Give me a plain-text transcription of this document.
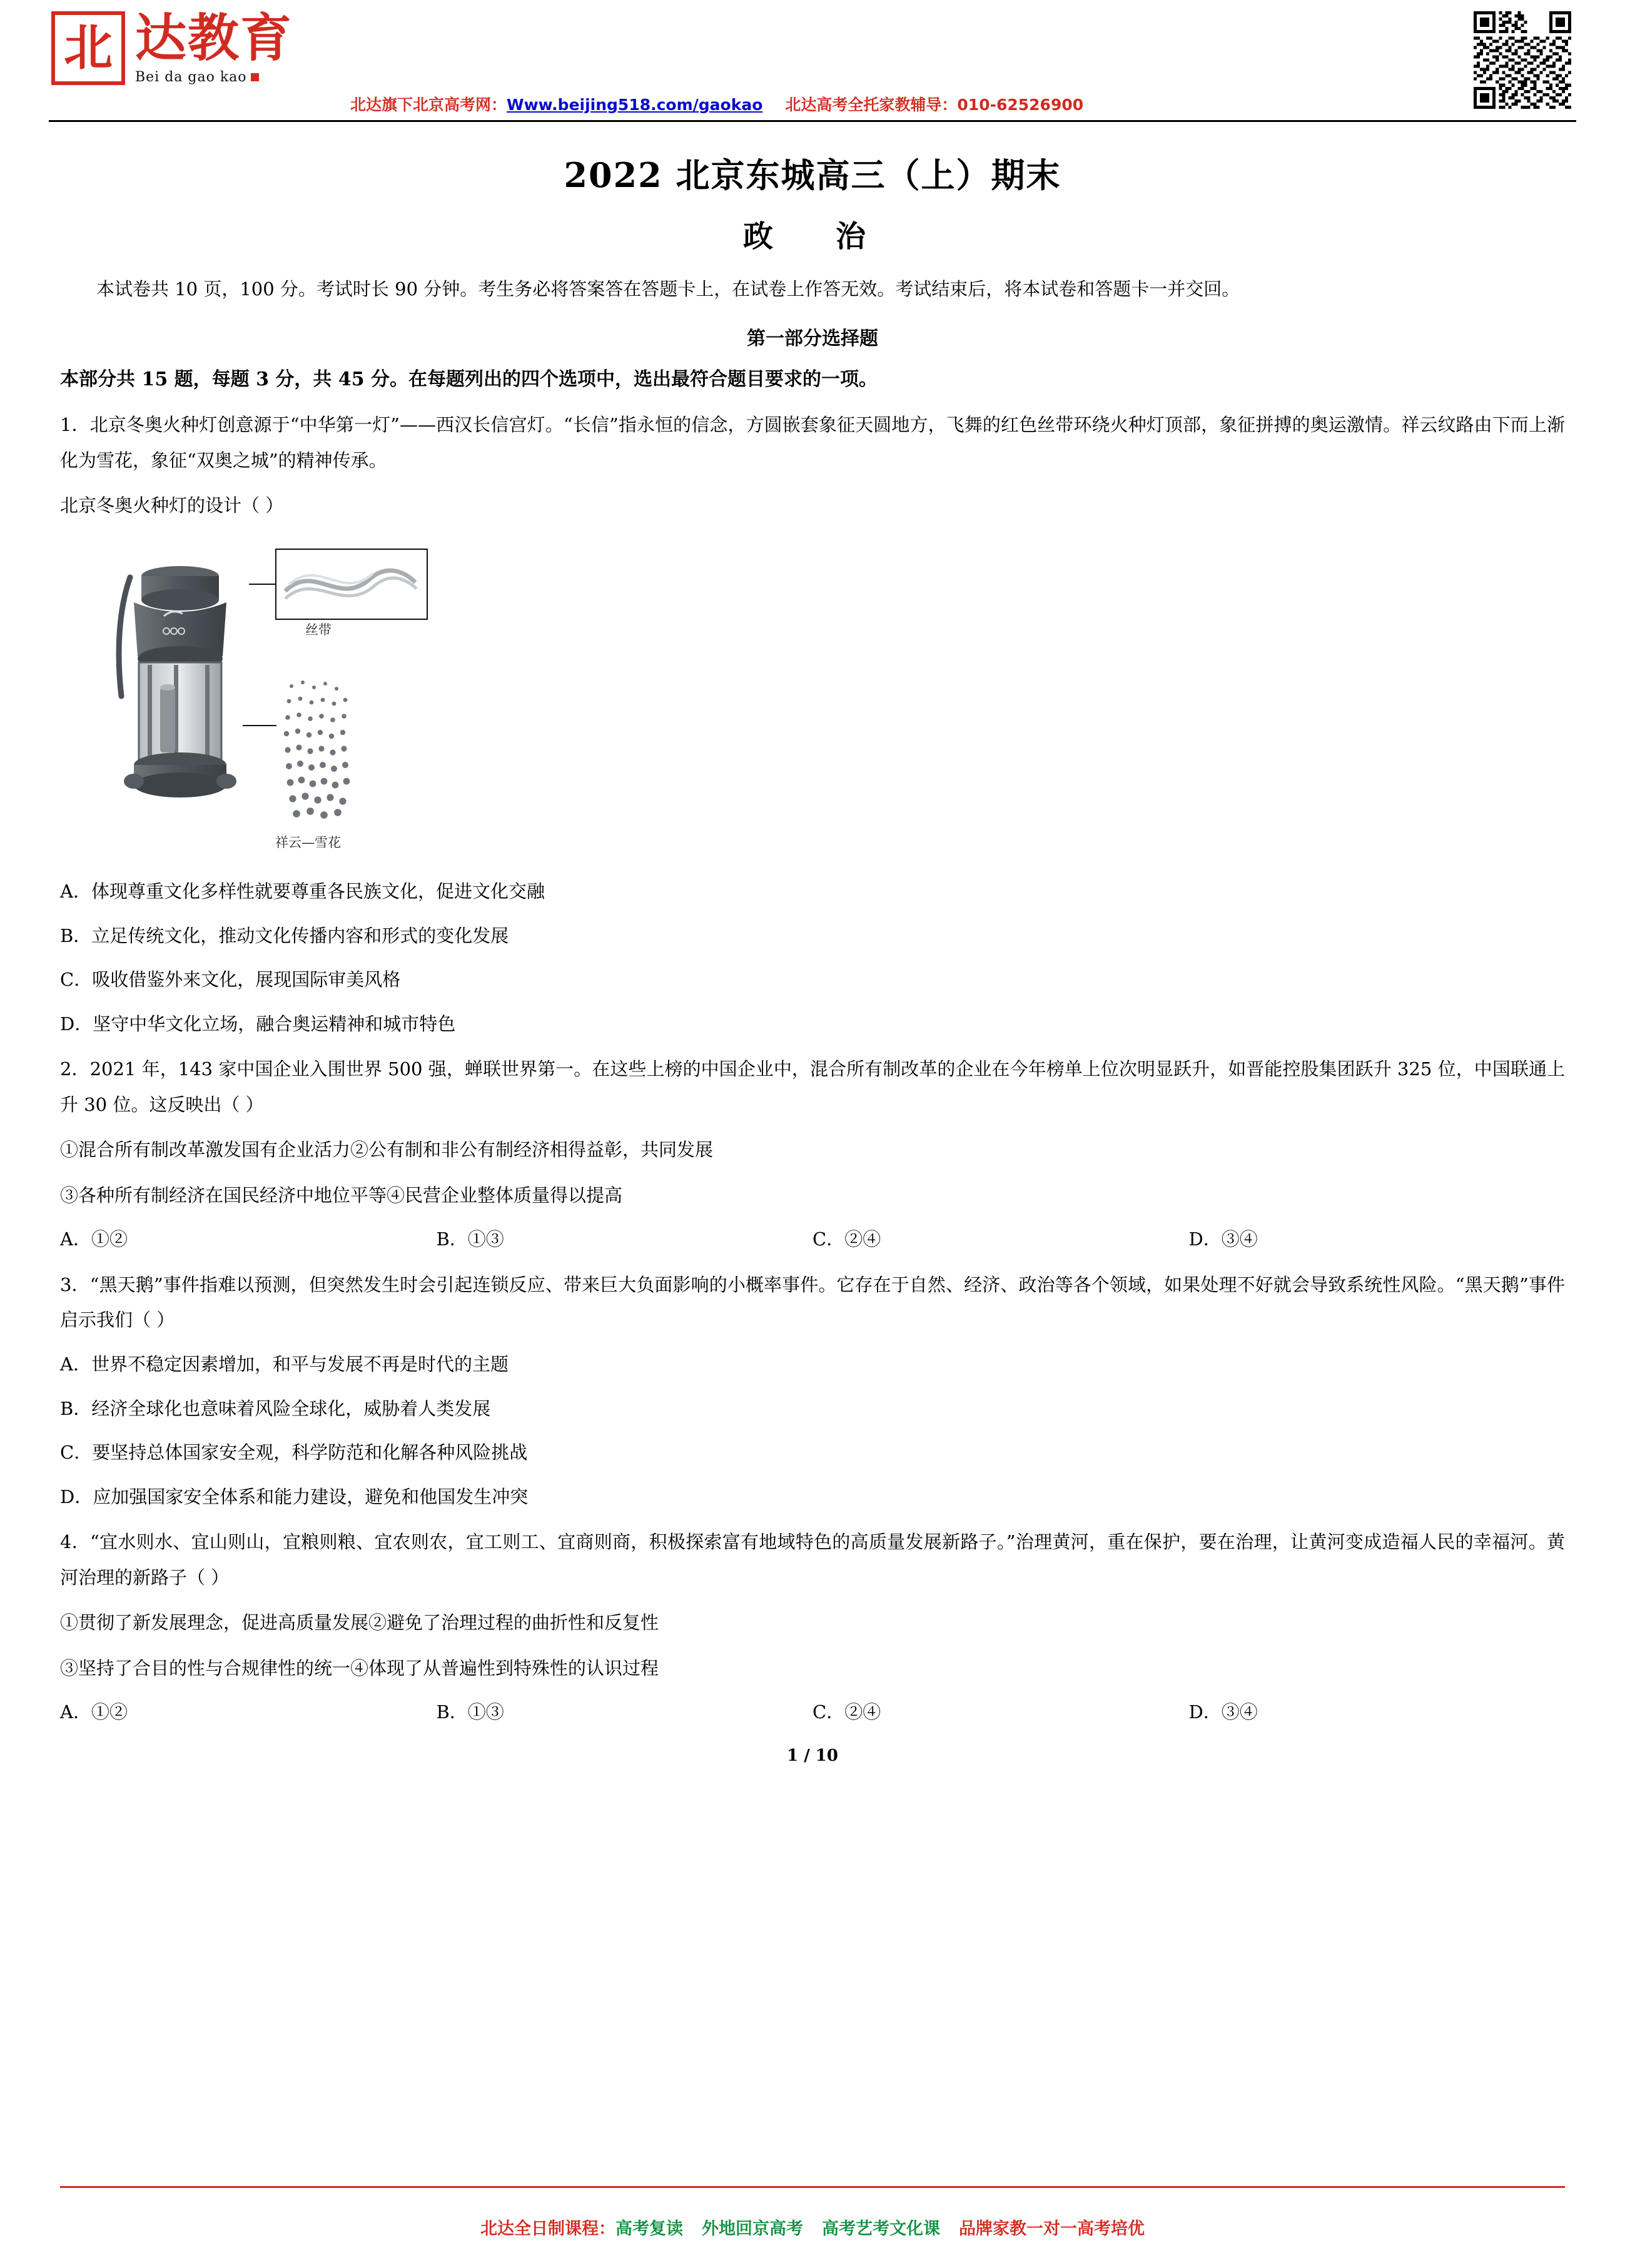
北 达教育
Bei da gao kao
北达旗下北京高考网：Www.beijing518.com/gaokao 北达高考全托家教辅导：010-62526900
2022 北京东城高三（上）期末
政　治

本试卷共 10 页，100 分。考试时长 90 分钟。考生务必将答案答在答题卡上，在试卷上作答无效。考试结束后，将本试卷和答题卡一并交回。

第一部分选择题

本部分共 15 题，每题 3 分，共 45 分。在每题列出的四个选项中，选出最符合题目要求的一项。

1．北京冬奥火种灯创意源于“中华第一灯”——西汉长信宫灯。“长信”指永恒的信念，方圆嵌套象征天圆地方，飞舞的红色丝带环绕火种灯顶部，象征拼搏的奥运激情。祥云纹路由下而上渐化为雪花，象征“双奥之城”的精神传承。

北京冬奥火种灯的设计（ ）

丝带
祥云—雪花

A．体现尊重文化多样性就要尊重各民族文化，促进文化交融

B．立足传统文化，推动文化传播内容和形式的变化发展

C．吸收借鉴外来文化，展现国际审美风格

D．坚守中华文化立场，融合奥运精神和城市特色

2．2021 年，143 家中国企业入围世界 500 强，蝉联世界第一。在这些上榜的中国企业中，混合所有制改革的企业在今年榜单上位次明显跃升，如晋能控股集团跃升 325 位，中国联通上升 30 位。这反映出（ ）

①混合所有制改革激发国有企业活力②公有制和非公有制经济相得益彰，共同发展

③各种所有制经济在国民经济中地位平等④民营企业整体质量得以提高

A．①②	B．①③	C．②④	D．③④

3．“黑天鹅”事件指难以预测，但突然发生时会引起连锁反应、带来巨大负面影响的小概率事件。它存在于自然、经济、政治等各个领域，如果处理不好就会导致系统性风险。“黑天鹅”事件启示我们（ ）

A．世界不稳定因素增加，和平与发展不再是时代的主题

B．经济全球化也意味着风险全球化，威胁着人类发展

C．要坚持总体国家安全观，科学防范和化解各种风险挑战

D．应加强国家安全体系和能力建设，避免和他国发生冲突

4．“宜水则水、宜山则山，宜粮则粮、宜农则农，宜工则工、宜商则商，积极探索富有地域特色的高质量发展新路子。”治理黄河，重在保护，要在治理，让黄河变成造福人民的幸福河。黄河治理的新路子（ ）

①贯彻了新发展理念，促进高质量发展②避免了治理过程的曲折性和反复性

③坚持了合目的性与合规律性的统一④体现了从普遍性到特殊性的认识过程

A．①②	B．①③	C．②④	D．③④
1 / 10
北达全日制课程：高考复读 外地回京高考 高考艺考文化课 品牌家教一对一高考培优
